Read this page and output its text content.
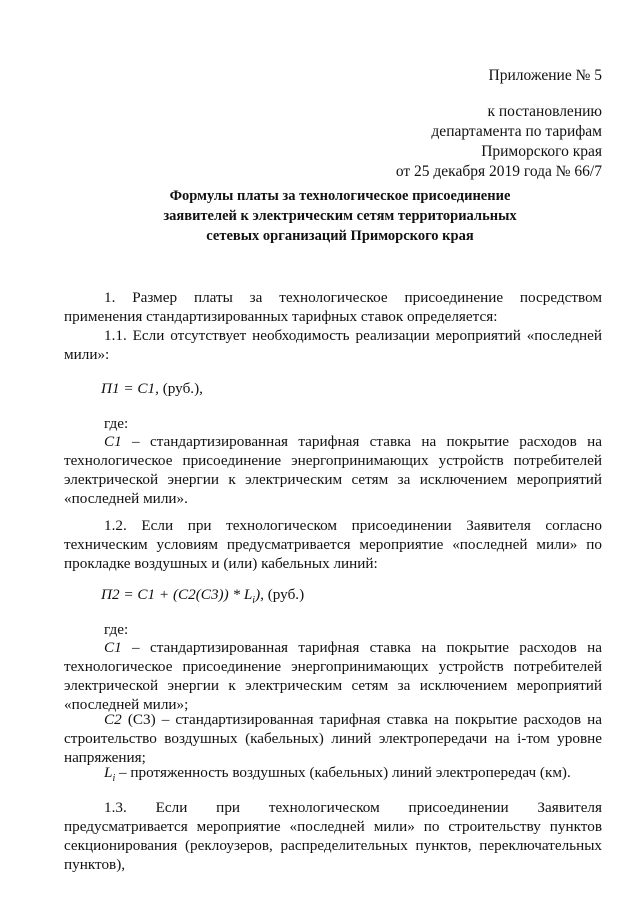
Приложение № 5
к постановлению
департамента по тарифам
Приморского края
от 25 декабря 2019 года № 66/7
Формулы платы за технологическое присоединение
заявителей к электрическим сетям территориальных
сетевых организаций Приморского края
1. Размер платы за технологическое присоединение посредством применения стандартизированных тарифных ставок определяется:
1.1. Если отсутствует необходимость реализации мероприятий «последней мили»:
П1 = С1, (руб.),
где:
С1 – стандартизированная тарифная ставка на покрытие расходов на технологическое присоединение энергопринимающих устройств потребителей электрической энергии к электрическим сетям за исключением мероприятий «последней мили».
1.2. Если при технологическом присоединении Заявителя согласно техническим условиям предусматривается мероприятие «последней мили» по прокладке воздушных и (или) кабельных линий:
$П2 = С1 + (С2(С3)) * L_i$), (руб.)
где:
С1 – стандартизированная тарифная ставка на покрытие расходов на технологическое присоединение энергопринимающих устройств потребителей электрической энергии к электрическим сетям за исключением мероприятий «последней мили»;
С2 (С3) – стандартизированная тарифная ставка на покрытие расходов на строительство воздушных (кабельных) линий электропередачи на i-том уровне напряжения;
$L_i$ – протяженность воздушных (кабельных) линий электропередач (км).
1.3. Если при технологическом присоединении Заявителя предусматривается мероприятие «последней мили» по строительству пунктов секционирования (реклоузеров, распределительных пунктов, переключательных пунктов),
